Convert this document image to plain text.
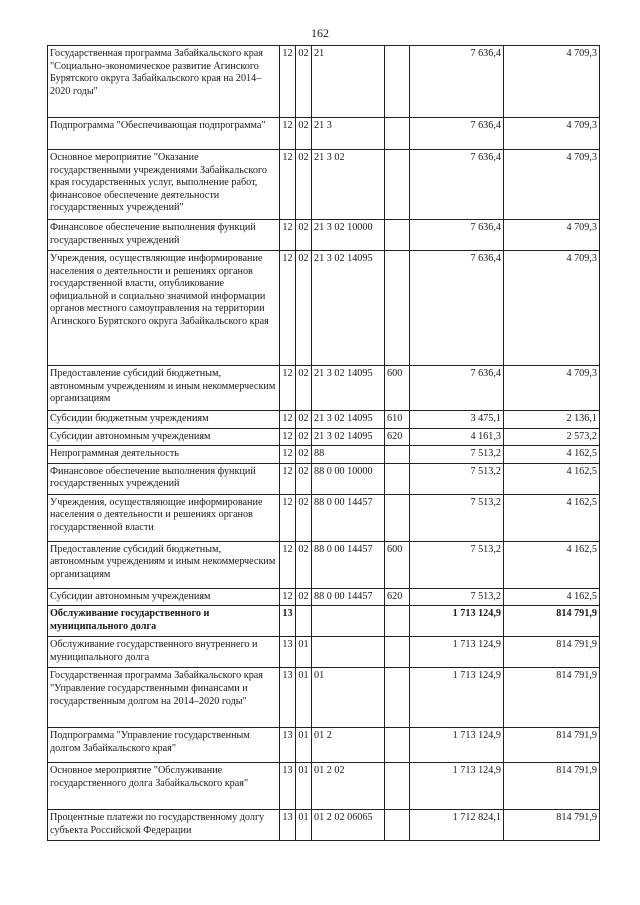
162
Государственная программа Забайкальского края "Социально-экономическое развитие Агинского Бурятского округа Забайкальского края на 2014–2020 годы"	12	02	21		7 636,4	4 709,3
Подпрограмма "Обеспечивающая подпрограмма"	12	02	21 3		7 636,4	4 709,3
Основное мероприятие "Оказание государственными учреждениями Забайкальского края государственных услуг, выполнение работ, финансовое обеспечение деятельности государственных учреждений"	12	02	21 3 02		7 636,4	4 709,3
Финансовое обеспечение выполнения функций государственных учреждений	12	02	21 3 02 10000		7 636,4	4 709,3
Учреждения, осуществляющие информирование населения о деятельности и решениях органов государственной власти, опубликование официальной и социально значимой информации органов местного самоуправления на территории Агинского Бурятского округа Забайкальского края	12	02	21 3 02 14095		7 636,4	4 709,3
Предоставление субсидий бюджетным, автономным учреждениям и иным некоммерческим организациям	12	02	21 3 02 14095	600	7 636,4	4 709,3
Субсидии бюджетным учреждениям	12	02	21 3 02 14095	610	3 475,1	2 136,1
Субсидии автономным учреждениям	12	02	21 3 02 14095	620	4 161,3	2 573,2
Непрограммная деятельность	12	02	88		7 513,2	4 162,5
Финансовое обеспечение выполнения функций государственных учреждений	12	02	88 0 00 10000		7 513,2	4 162,5
Учреждения, осуществляющие информирование населения о деятельности и решениях органов государственной власти	12	02	88 0 00 14457		7 513,2	4 162,5
Предоставление субсидий бюджетным, автономным учреждениям и иным некоммерческим организациям	12	02	88 0 00 14457	600	7 513,2	4 162,5
Субсидии автономным учреждениям	12	02	88 0 00 14457	620	7 513,2	4 162,5
Обслуживание государственного и муниципального долга	13				1 713 124,9	814 791,9
Обслуживание государственного внутреннего и муниципального долга	13	01			1 713 124,9	814 791,9
Государственная программа Забайкальского края "Управление государственными финансами и государственным долгом на 2014–2020 годы"	13	01	01		1 713 124,9	814 791,9
Подпрограмма "Управление государственным долгом Забайкальского края"	13	01	01 2		1 713 124,9	814 791,9
Основное мероприятие "Обслуживание государственного долга Забайкальского края"	13	01	01 2 02		1 713 124,9	814 791,9
Процентные платежи по государственному долгу субъекта Российской Федерации	13	01	01 2 02 06065		1 712 824,1	814 791,9
